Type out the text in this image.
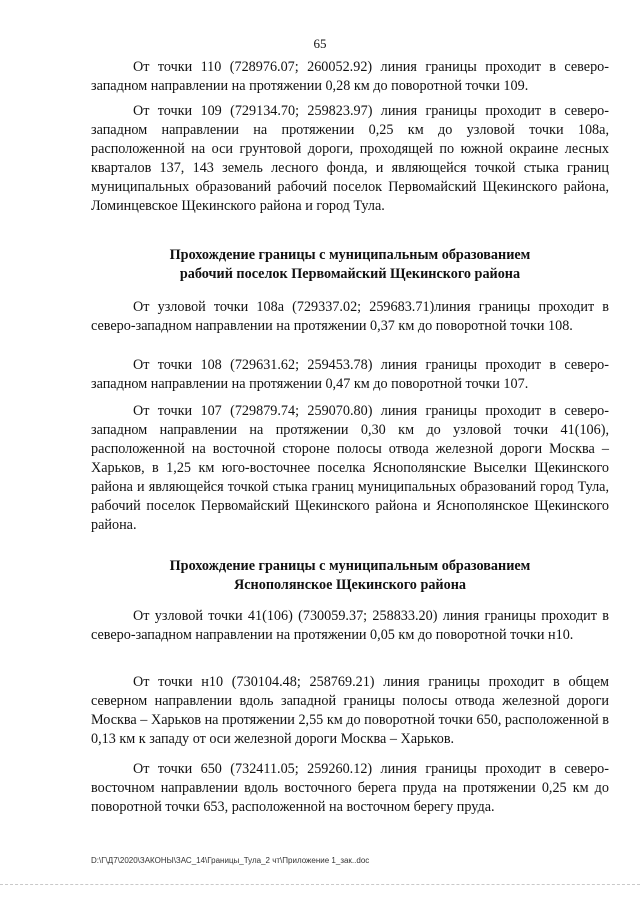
65

От точки 110 (728976.07; 260052.92) линия границы проходит в северо-западном направлении на протяжении 0,28 км до поворотной точки 109.

От точки 109 (729134.70; 259823.97) линия границы проходит в северо-западном направлении на протяжении 0,25 км до узловой точки 108а, расположенной на оси грунтовой дороги, проходящей по южной окраине лесных кварталов 137, 143 земель лесного фонда, и являющейся точкой стыка границ муниципальных образований рабочий поселок Первомайский Щекинского района, Ломинцевское Щекинского района и город Тула.

Прохождение границы с муниципальным образованием
рабочий поселок Первомайский Щекинского района

От узловой точки 108а (729337.02; 259683.71)линия границы проходит в северо-западном направлении на протяжении 0,37 км до поворотной точки 108.

От точки 108 (729631.62; 259453.78) линия границы проходит в северо-западном направлении на протяжении 0,47 км до поворотной точки 107.

От точки 107 (729879.74; 259070.80) линия границы проходит в северо-западном направлении на протяжении 0,30 км до узловой точки 41(106), расположенной на восточной стороне полосы отвода железной дороги Москва – Харьков, в 1,25 км юго-восточнее поселка Яснополянские Выселки Щекинского района и являющейся точкой стыка границ муниципальных образований город Тула, рабочий поселок Первомайский Щекинского района и Яснополянское Щекинского района.

Прохождение границы с муниципальным образованием
Яснополянское Щекинского района

От узловой точки 41(106) (730059.37; 258833.20) линия границы проходит в северо-западном направлении на протяжении 0,05 км до поворотной точки н10.

От точки н10 (730104.48; 258769.21) линия границы проходит в общем северном направлении вдоль западной границы полосы отвода железной дороги Москва – Харьков на протяжении 2,55 км до поворотной точки 650, расположенной в 0,13 км к западу от оси железной дороги Москва – Харьков.

От точки 650 (732411.05; 259260.12) линия границы проходит в северо-восточном направлении вдоль восточного берега пруда на протяжении 0,25 км до поворотной точки 653, расположенной на восточном берегу пруда.

D:\Г\Д7\2020\ЗАКОНЫ\ЗАС_14\Границы_Тула_2 чт\Приложение 1_зак..doc
